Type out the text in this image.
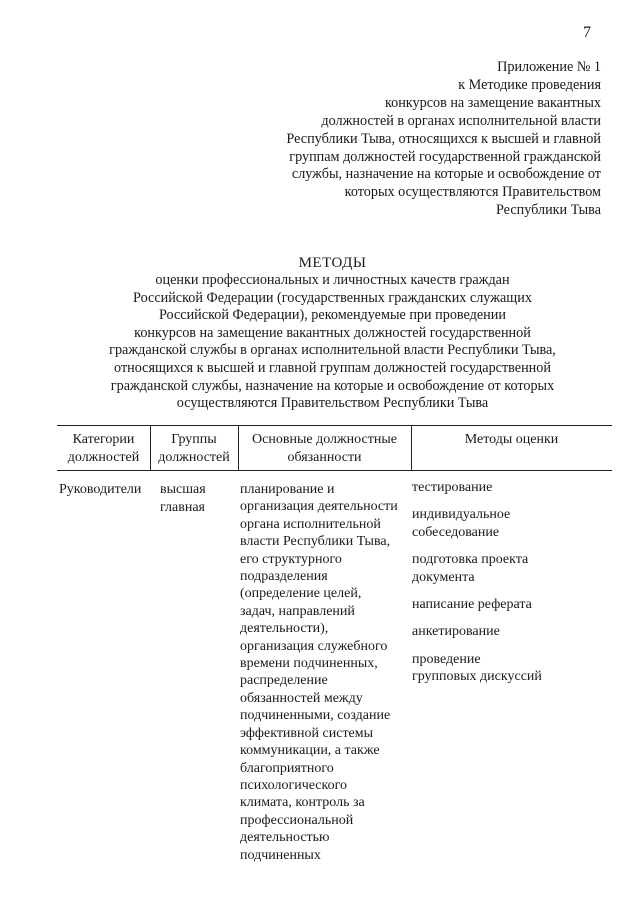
7
Приложение № 1
к Методике проведения
конкурсов на замещение вакантных
должностей в органах исполнительной власти
Республики Тыва, относящихся к высшей и главной
группам должностей государственной гражданской
службы, назначение на которые и освобождение от
которых осуществляются Правительством
Республики Тыва
МЕТОДЫ
оценки профессиональных и личностных качеств граждан
Российской Федерации (государственных гражданских служащих
Российской Федерации), рекомендуемые при проведении
конкурсов на замещение вакантных должностей государственной
гражданской службы в органах исполнительной власти Республики Тыва,
относящихся к высшей и главной группам должностей государственной
гражданской службы, назначение на которые и освобождение от которых
осуществляются Правительством Республики Тыва
Категории
должностей
Группы
должностей
Основные должностные
обязанности
Методы оценки
Руководители высшая
главная
планирование и
организация деятельности
органа исполнительной
власти Республики Тыва,
его структурного
подразделения
(определение целей,
задач, направлений
деятельности),
организация служебного
времени подчиненных,
распределение
обязанностей между
подчиненными, создание
эффективной системы
коммуникации, а также
благоприятного
психологического
климата, контроль за
профессиональной
деятельностью
подчиненных
тестирование
индивидуальное
собеседование
подготовка проекта
документа
написание реферата
анкетирование
проведение
групповых дискуссий
